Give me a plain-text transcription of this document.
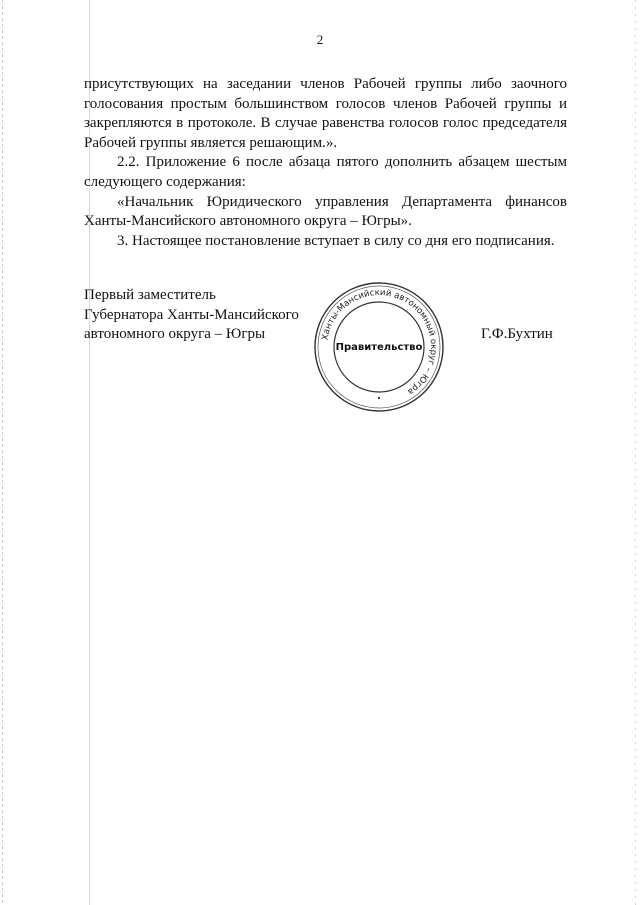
2

присутствующих на заседании членов Рабочей группы либо заочного голосования простым большинством голосов членов Рабочей группы и закрепляются в протоколе. В случае равенства голосов голос председателя Рабочей группы является решающим.».

2.2. Приложение 6 после абзаца пятого дополнить абзацем шестым следующего содержания:

«Начальник Юридического управления Департамента финансов Ханты-Мансийского автономного округа – Югры».

3. Настоящее постановление вступает в силу со дня его подписания.

Первый заместитель
Губернатора Ханты-Мансийского
автономного округа – Югры	Г.Ф.Бухтин
Ханты-Мансийский автономный округ – Югра
Правительство
